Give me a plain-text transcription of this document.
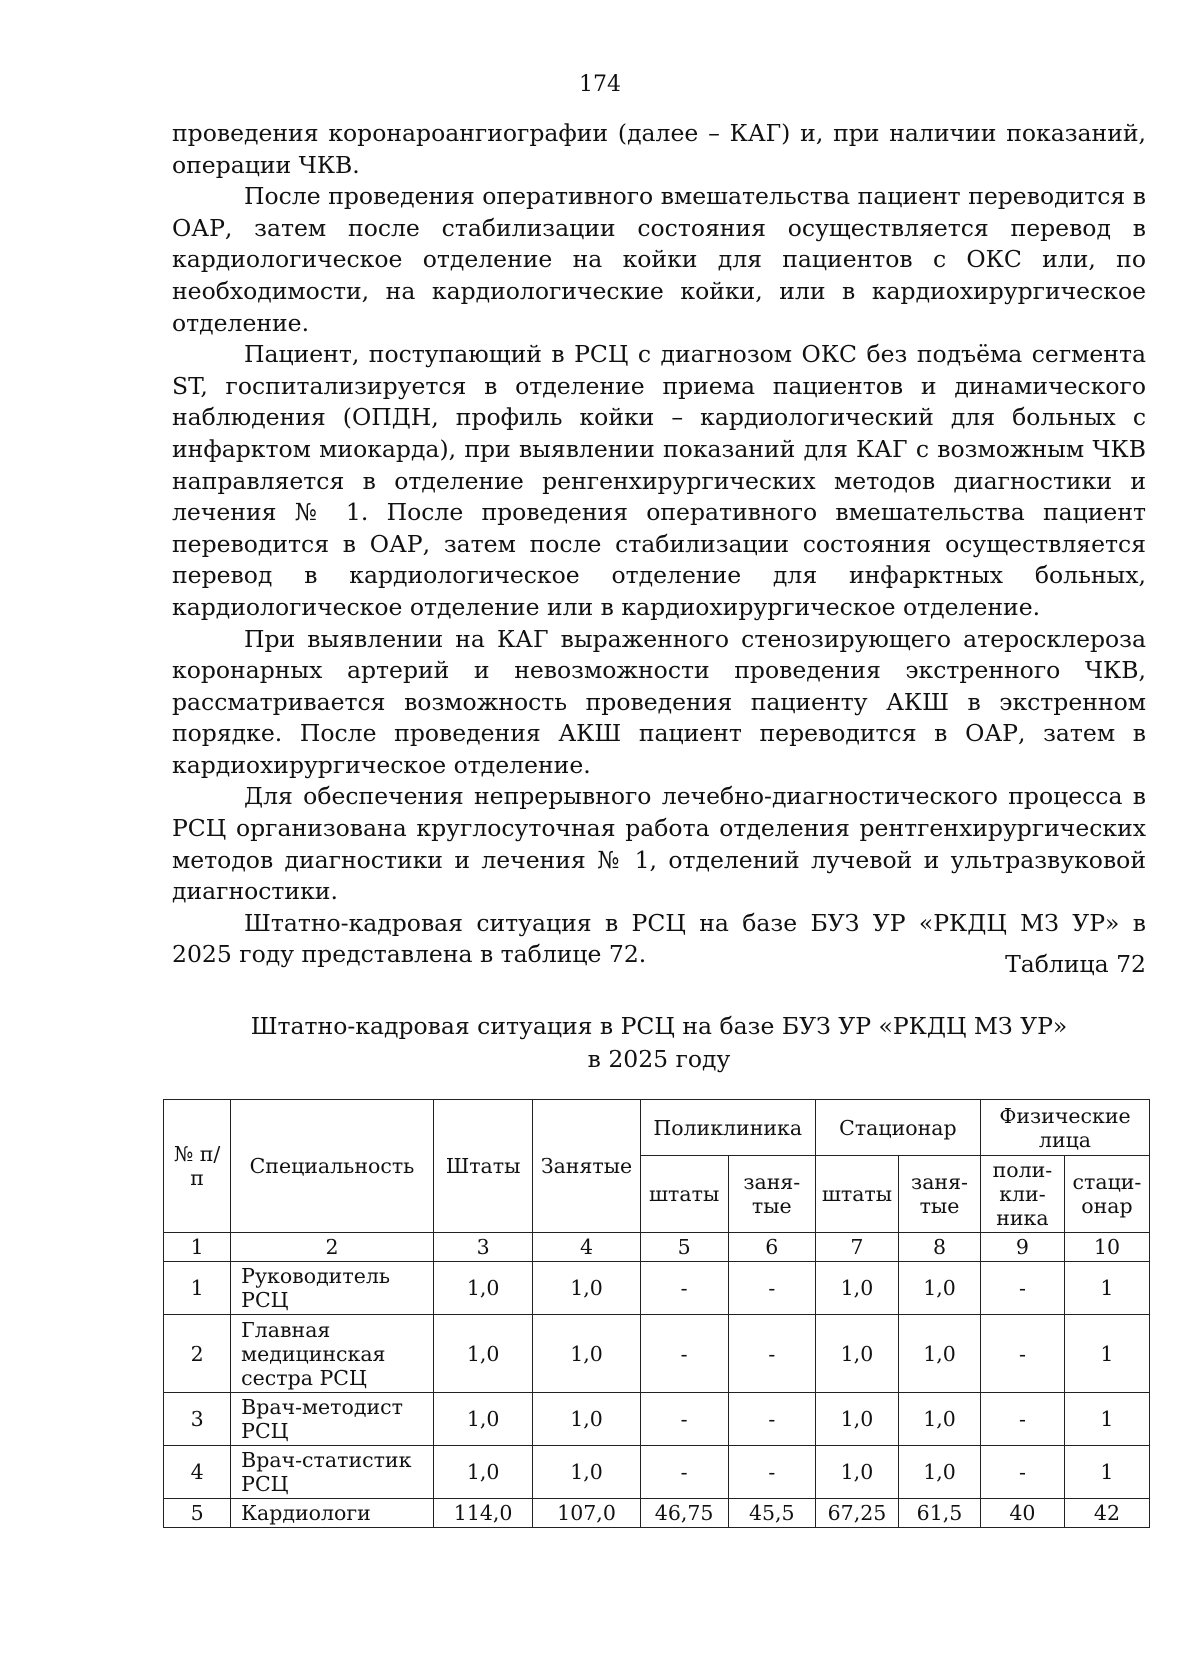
174

проведения коронароангиографии (далее – КАГ) и, при наличии показаний, операции ЧКВ.

После проведения оперативного вмешательства пациент переводится в ОАР, затем после стабилизации состояния осуществляется перевод в кардиологическое отделение на койки для пациентов с ОКС или, по необходимости, на кардиологические койки, или в кардиохирургическое отделение.

Пациент, поступающий в РСЦ с диагнозом ОКС без подъёма сегмента ST, госпитализируется в отделение приема пациентов и динамического наблюдения (ОПДН, профиль койки – кардиологический для больных с инфарктом миокарда), при выявлении показаний для КАГ с возможным ЧКВ направляется в отделение ренгенхирургических методов диагностики и лечения № 1. После проведения оперативного вмешательства пациент переводится в ОАР, затем после стабилизации состояния осуществляется перевод в кардиологическое отделение для инфарктных больных, кардиологическое отделение или в кардиохирургическое отделение.

При выявлении на КАГ выраженного стенозирующего атеросклероза коронарных артерий и невозможности проведения экстренного ЧКВ, рассматривается возможность проведения пациенту АКШ в экстренном порядке. После проведения АКШ пациент переводится в ОАР, затем в кардиохирургическое отделение.

Для обеспечения непрерывного лечебно-диагностического процесса в РСЦ организована круглосуточная работа отделения рентгенхирургических методов диагностики и лечения № 1, отделений лучевой и ультразвуковой диагностики.

Штатно-кадровая ситуация в РСЦ на базе БУЗ УР «РКДЦ МЗ УР» в 2025 году представлена в таблице 72.	Таблица 72
Штатно-кадровая ситуация в РСЦ на базе БУЗ УР «РКДЦ МЗ УР»
в 2025 году
№ п/п	Специальность	Штаты	Занятые	Поликлиника		Стационар		Физические лица	
				штаты	заня-тые	штаты	заня-тые	поли-кли-ника	стаци-онар
1	2	3	4	5	6	7	8	9	10
1	Руководитель РСЦ	1,0	1,0	-	-	1,0	1,0	-	1
2	Главная медицинская сестра РСЦ	1,0	1,0	-	-	1,0	1,0	-	1
3	Врач-методист РСЦ	1,0	1,0	-	-	1,0	1,0	-	1
4	Врач-статистик РСЦ	1,0	1,0	-	-	1,0	1,0	-	1
5	Кардиологи	114,0	107,0	46,75	45,5	67,25	61,5	40	42
